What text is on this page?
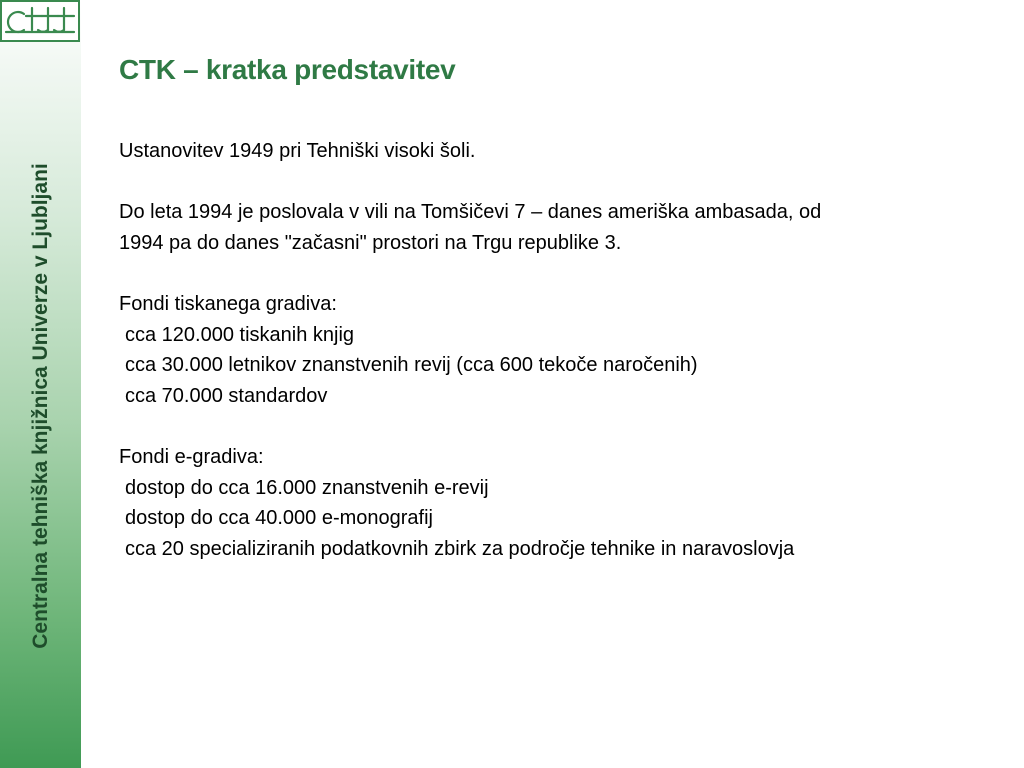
Centralna tehniška knjižnica Univerze v Ljubljani
CTK – kratka predstavitev

Ustanovitev 1949 pri Tehniški visoki šoli.

Do leta 1994 je poslovala v vili na Tomšičevi 7 – danes ameriška ambasada, od

1994 pa do danes "začasni" prostori na Trgu republike 3.

Fondi tiskanega gradiva:

cca 120.000 tiskanih knjig

cca 30.000 letnikov znanstvenih revij (cca 600 tekoče naročenih)

cca 70.000 standardov

Fondi e-gradiva:

dostop do cca 16.000 znanstvenih e-revij

dostop do cca 40.000 e-monografij

cca 20 specializiranih podatkovnih zbirk za področje tehnike in naravoslovja
